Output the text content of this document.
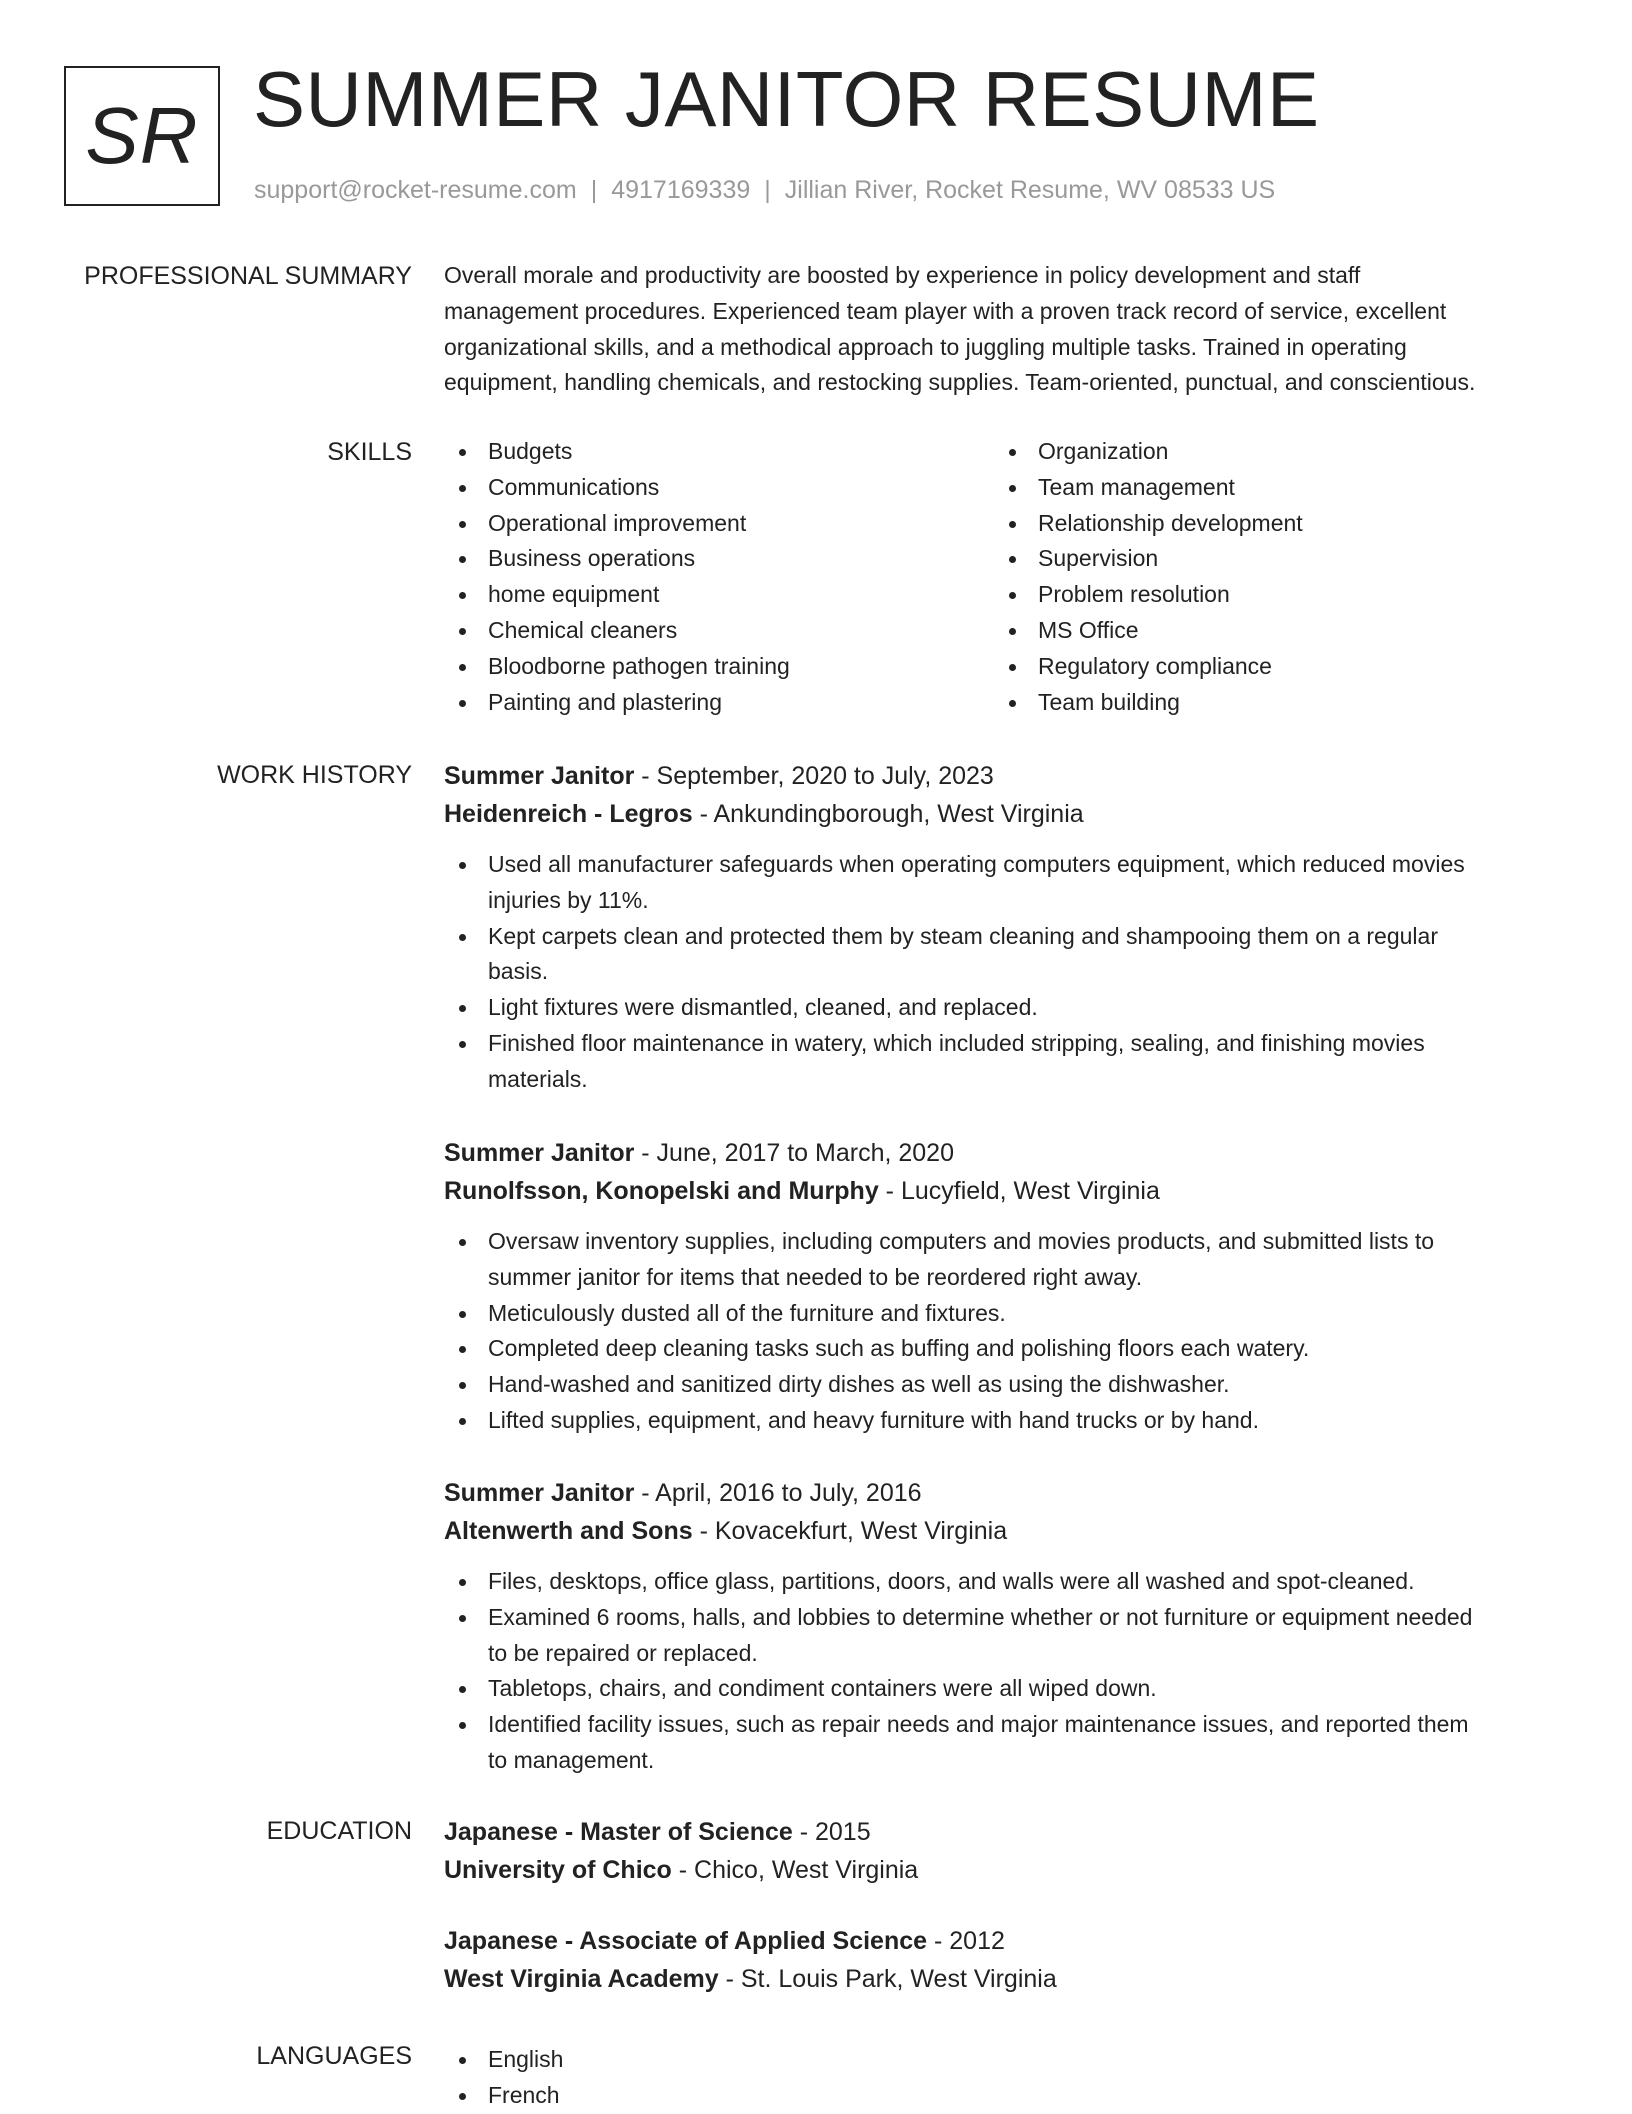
SR SUMMER JANITOR RESUME
support@rocket-resume.com | 4917169339 | Jillian River, Rocket Resume, WV 08533 US
PROFESSIONAL SUMMARY Overall morale and productivity are boosted by experience in policy development and staff

management procedures. Experienced team player with a proven track record of service, excellent

organizational skills, and a methodical approach to juggling multiple tasks. Trained in operating

equipment, handling chemicals, and restocking supplies. Team-oriented, punctual, and conscientious.

SKILLS	Budgets
Communications
Operational improvement
Business operations
home equipment
Chemical cleaners
Bloodborne pathogen training
Painting and plastering
Organization
Team management
Relationship development
Supervision
Problem resolution
MS Office
Regulatory compliance
Team building
WORK HISTORY Summer Janitor - September, 2020 to July, 2023
Heidenreich - Legros - Ankundingborough, West Virginia
Used all manufacturer safeguards when operating computers equipment, which reduced movies
injuries by 11%.
Kept carpets clean and protected them by steam cleaning and shampooing them on a regular
basis.
Light fixtures were dismantled, cleaned, and replaced.
Finished floor maintenance in watery, which included stripping, sealing, and finishing movies
materials.
Summer Janitor - June, 2017 to March, 2020
Runolfsson, Konopelski and Murphy - Lucyfield, West Virginia
Oversaw inventory supplies, including computers and movies products, and submitted lists to
summer janitor for items that needed to be reordered right away.
Meticulously dusted all of the furniture and fixtures.
Completed deep cleaning tasks such as buffing and polishing floors each watery.
Hand-washed and sanitized dirty dishes as well as using the dishwasher.
Lifted supplies, equipment, and heavy furniture with hand trucks or by hand.
Summer Janitor - April, 2016 to July, 2016
Altenwerth and Sons - Kovacekfurt, West Virginia
Files, desktops, office glass, partitions, doors, and walls were all washed and spot-cleaned.
Examined 6 rooms, halls, and lobbies to determine whether or not furniture or equipment needed
to be repaired or replaced.
Tabletops, chairs, and condiment containers were all wiped down.
Identified facility issues, such as repair needs and major maintenance issues, and reported them
to management.
EDUCATION Japanese - Master of Science - 2015
University of Chico - Chico, West Virginia
Japanese - Associate of Applied Science - 2012
West Virginia Academy - St. Louis Park, West Virginia
LANGUAGES	English
French
